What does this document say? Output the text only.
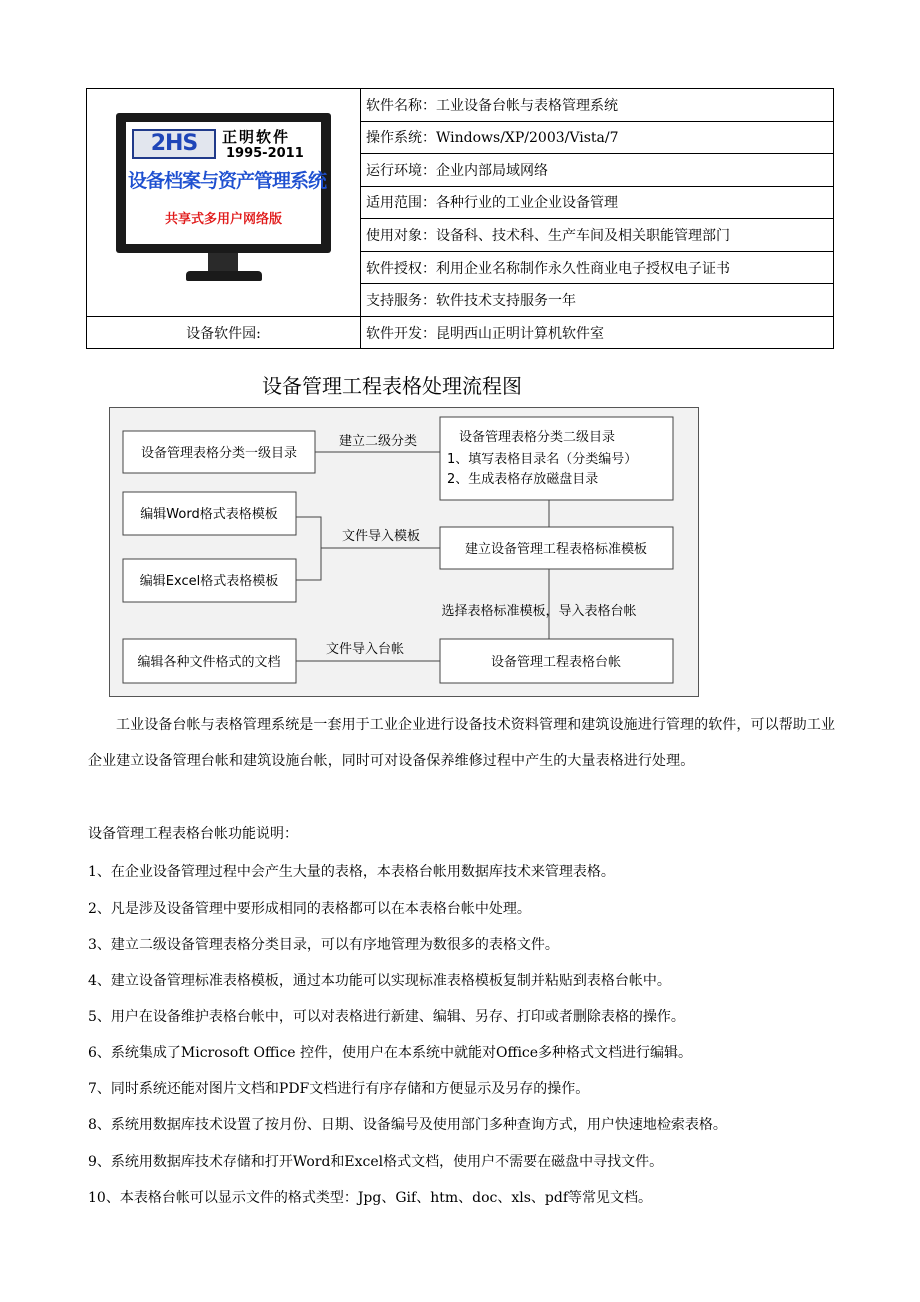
2HS 正明软件
1995-2011
设备档案与资产管理系统
共享式多用户网络版	软件名称：工业设备台帐与表格管理系统
	操作系统：Windows/XP/2003/Vista/7
	运行环境：企业内部局域网络
	适用范围：各种行业的工业企业设备管理
	使用对象：设备科、技术科、生产车间及相关职能管理部门
	软件授权：利用企业名称制作永久性商业电子授权电子证书
	支持服务：软件技术支持服务一年
设备软件园:	软件开发：昆明西山正明计算机软件室
设备管理工程表格处理流程图
设备管理表格分类一级目录
设备管理表格分类二级目录
1、填写表格目录名（分类编号）
2、生成表格存放磁盘目录
编辑Word格式表格模板
编辑Excel格式表格模板
建立设备管理工程表格标准模板
编辑各种文件格式的文档	设备管理工程表格台帐
建立二级分类
文件导入模板
选择表格标准模板，导入表格台帐
文件导入台帐

工业设备台帐与表格管理系统是一套用于工业企业进行设备技术资料管理和建筑设施进行管理的软件，可以帮助工业企业建立设备管理台帐和建筑设施台帐，同时可对设备保养维修过程中产生的大量表格进行处理。

设备管理工程表格台帐功能说明：

1、在企业设备管理过程中会产生大量的表格，本表格台帐用数据库技术来管理表格。

2、凡是涉及设备管理中要形成相同的表格都可以在本表格台帐中处理。

3、建立二级设备管理表格分类目录，可以有序地管理为数很多的表格文件。

4、建立设备管理标准表格模板，通过本功能可以实现标准表格模板复制并粘贴到表格台帐中。

5、用户在设备维护表格台帐中，可以对表格进行新建、编辑、另存、打印或者删除表格的操作。

6、系统集成了Microsoft Office 控件，使用户在本系统中就能对Office多种格式文档进行编辑。

7、同时系统还能对图片文档和PDF文档进行有序存储和方便显示及另存的操作。

8、系统用数据库技术设置了按月份、日期、设备编号及使用部门多种查询方式，用户快速地检索表格。

9、系统用数据库技术存储和打开Word和Excel格式文档，使用户不需要在磁盘中寻找文件。

10、本表格台帐可以显示文件的格式类型：Jpg、Gif、htm、doc、xls、pdf等常见文档。
